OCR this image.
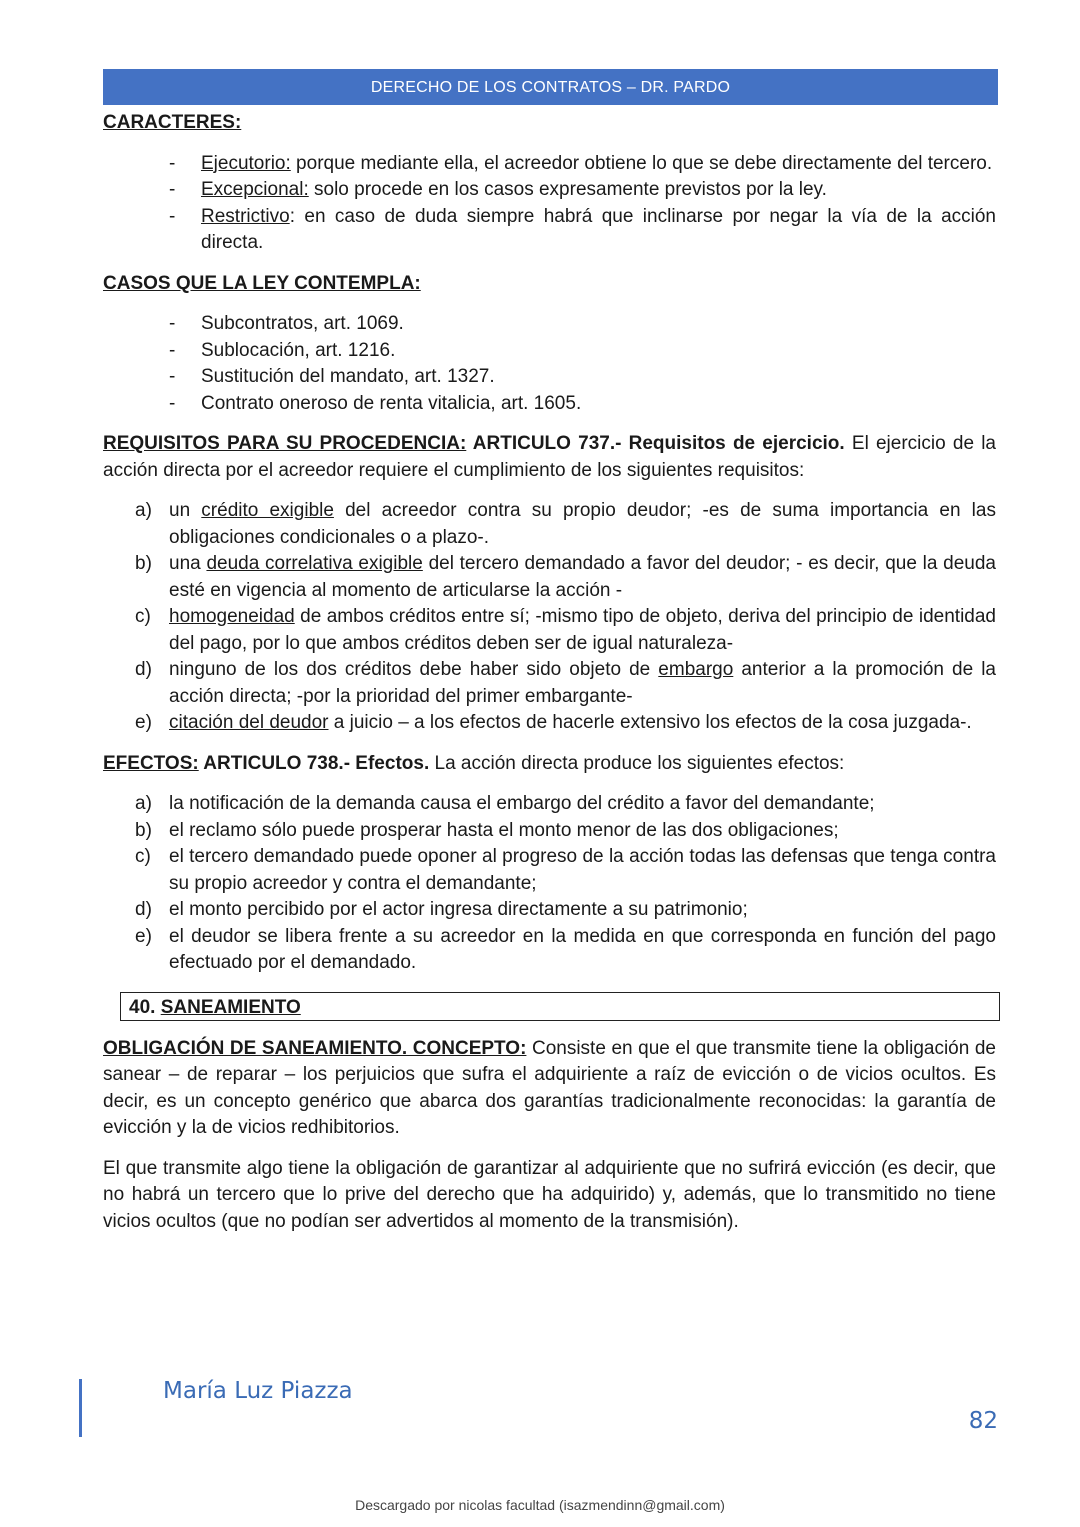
DERECHO DE LOS CONTRATOS – DR. PARDO

CARACTERES:

- Ejecutorio: porque mediante ella, el acreedor obtiene lo que se debe directamente del tercero.
- Excepcional: solo procede en los casos expresamente previstos por la ley.
- Restrictivo: en caso de duda siempre habrá que inclinarse por negar la vía de la acción directa.

CASOS QUE LA LEY CONTEMPLA:

- Subcontratos, art. 1069.
- Sublocación, art. 1216.
- Sustitución del mandato, art. 1327.
- Contrato oneroso de renta vitalicia, art. 1605.

REQUISITOS PARA SU PROCEDENCIA: ARTICULO 737.- Requisitos de ejercicio. El ejercicio de la acción directa por el acreedor requiere el cumplimiento de los siguientes requisitos:

a) un crédito exigible del acreedor contra su propio deudor; -es de suma importancia en las obligaciones condicionales o a plazo-.
b) una deuda correlativa exigible del tercero demandado a favor del deudor; - es decir, que la deuda esté en vigencia al momento de articularse la acción -
c) homogeneidad de ambos créditos entre sí; -mismo tipo de objeto, deriva del principio de identidad del pago, por lo que ambos créditos deben ser de igual naturaleza-
d) ninguno de los dos créditos debe haber sido objeto de embargo anterior a la promoción de la acción directa; -por la prioridad del primer embargante-
e) citación del deudor a juicio – a los efectos de hacerle extensivo los efectos de la cosa juzgada-.

EFECTOS: ARTICULO 738.- Efectos. La acción directa produce los siguientes efectos:

a) la notificación de la demanda causa el embargo del crédito a favor del demandante;
b) el reclamo sólo puede prosperar hasta el monto menor de las dos obligaciones;
c) el tercero demandado puede oponer al progreso de la acción todas las defensas que tenga contra su propio acreedor y contra el demandante;
d) el monto percibido por el actor ingresa directamente a su patrimonio;
e) el deudor se libera frente a su acreedor en la medida en que corresponda en función del pago efectuado por el demandado.
40. SANEAMIENTO

OBLIGACIÓN DE SANEAMIENTO. CONCEPTO: Consiste en que el que transmite tiene la obligación de sanear – de reparar – los perjuicios que sufra el adquiriente a raíz de evicción o de vicios ocultos. Es decir, es un concepto genérico que abarca dos garantías tradicionalmente reconocidas: la garantía de evicción y la de vicios redhibitorios.

El que transmite algo tiene la obligación de garantizar al adquiriente que no sufrirá evicción (es decir, que no habrá un tercero que lo prive del derecho que ha adquirido) y, además, que lo transmitido no tiene vicios ocultos (que no podían ser advertidos al momento de la transmisión).

María Luz Piazza
82
Descargado por nicolas facultad (isazmendinn@gmail.com)
